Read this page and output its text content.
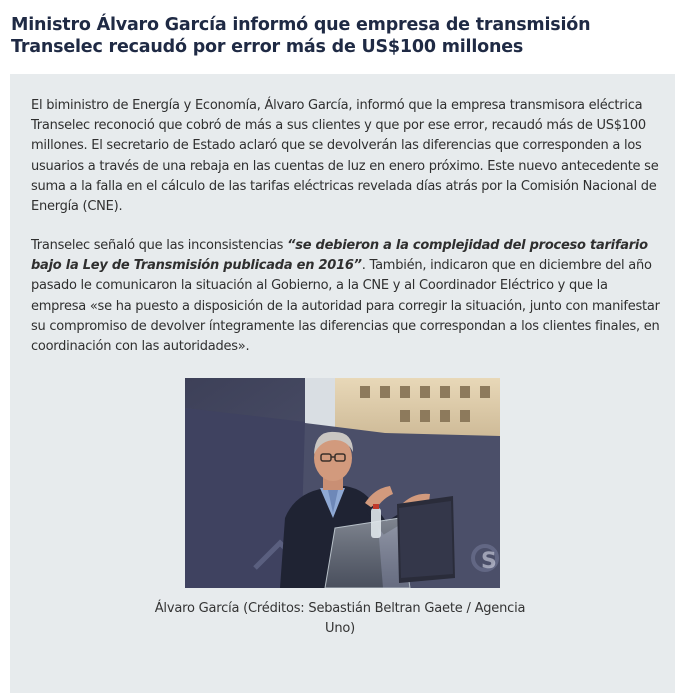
Ministro Álvaro García informó que empresa de transmisión Transelec recaudó por error más de US$100 millones

El biministro de Energía y Economía, Álvaro García, informó que la empresa transmisora eléctrica Transelec reconoció que cobró de más a sus clientes y que por ese error, recaudó más de US$100 millones. El secretario de Estado aclaró que se devolverán las diferencias que corresponden a los usuarios a través de una rebaja en las cuentas de luz en enero próximo. Este nuevo antecedente se suma a la falla en el cálculo de las tarifas eléctricas revelada días atrás por la Comisión Nacional de Energía (CNE).

Transelec señaló que las inconsistencias “se debieron a la complejidad del proceso tarifario bajo la Ley de Transmisión publicada en 2016”. También, indicaron que en diciembre del año pasado le comunicaron la situación al Gobierno, a la CNE y al Coordinador Eléctrico y que la empresa «se ha puesto a disposición de la autoridad para corregir la situación, junto con manifestar su compromiso de devolver íntegramente las diferencias que correspondan a los clientes finales, en coordinación con las autoridades».

S

Álvaro García (Créditos: Sebastián Beltran Gaete / Agencia Uno)
